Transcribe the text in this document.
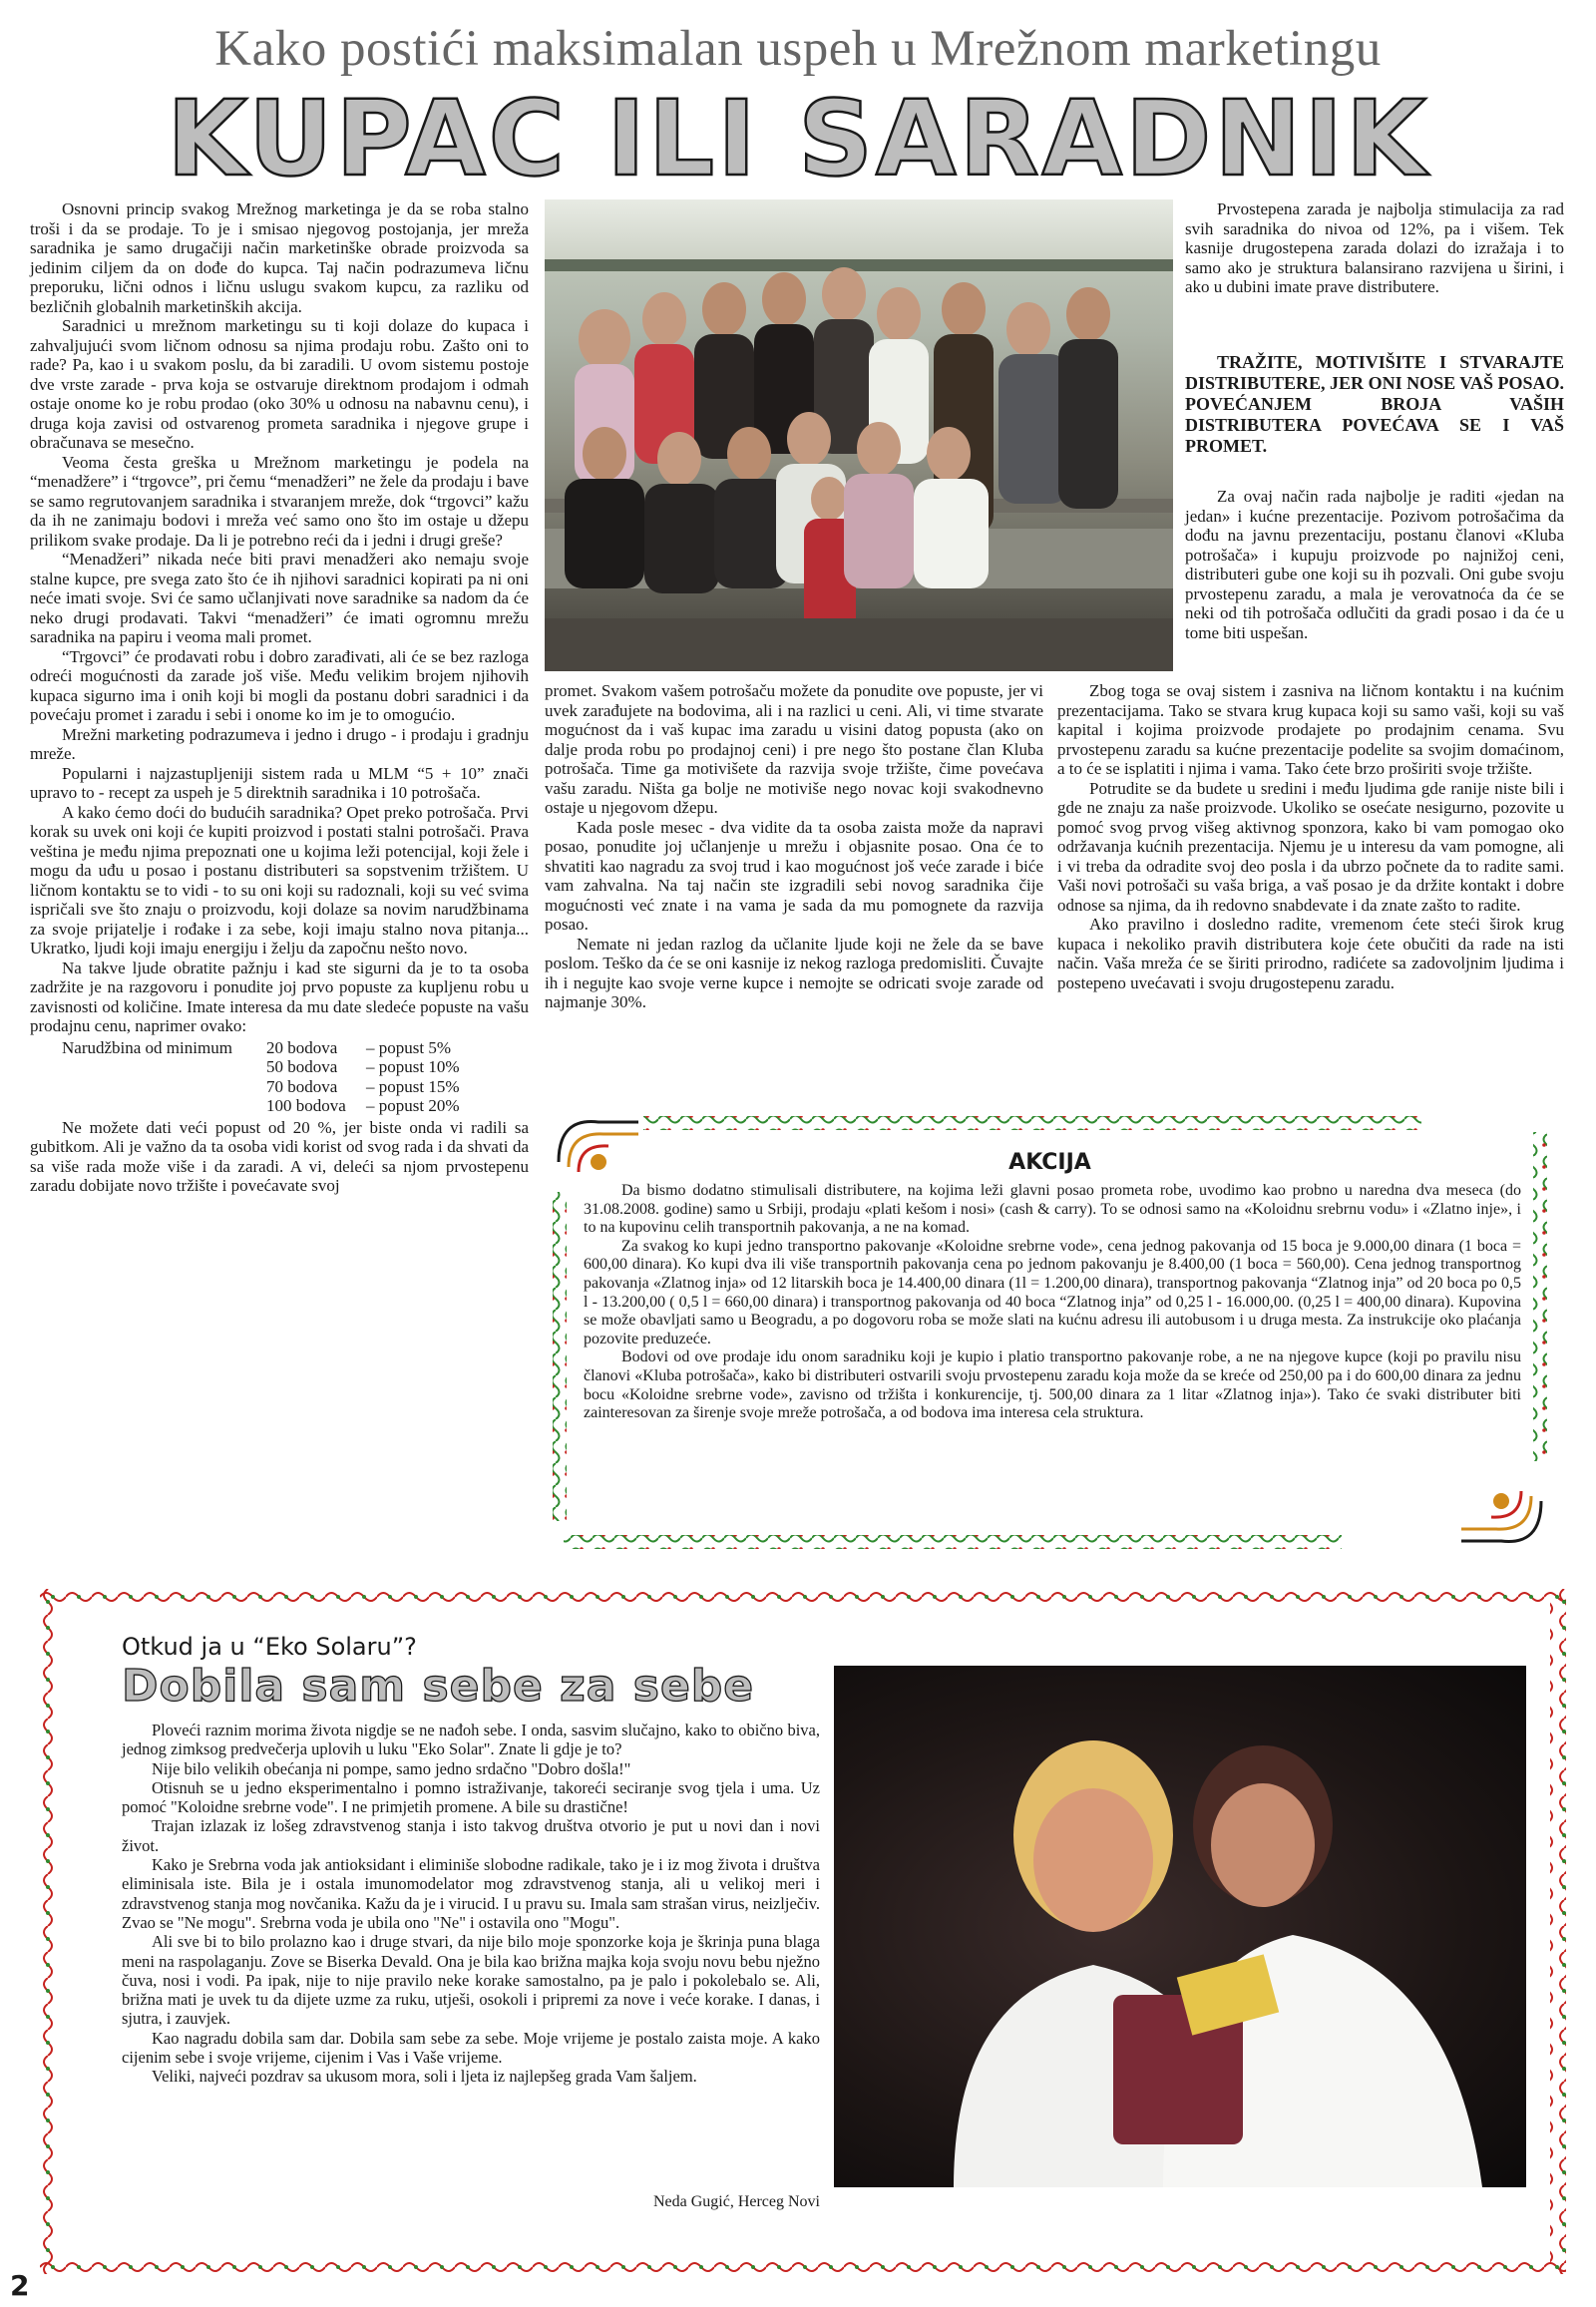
Kako postići maksimalan uspeh u Mrežnom marketingu
KUPAC ILI SARADNIK

Osnovni princip svakog Mrežnog marketinga je da se roba stalno troši i da se prodaje. To je i smisao njegovog postojanja, jer mreža saradnika je samo drugačiji način marketinške obrade proizvoda sa jedinim ciljem da on dođe do kupca. Taj način podrazumeva ličnu preporuku, lični odnos i ličnu uslugu svakom kupcu, za razliku od bezličnih globalnih marketinških akcija.

Saradnici u mrežnom marketingu su ti koji dolaze do kupaca i zahvaljujući svom ličnom odnosu sa njima prodaju robu. Zašto oni to rade? Pa, kao i u svakom poslu, da bi zaradili. U ovom sistemu postoje dve vrste zarade - prva koja se ostvaruje direktnom prodajom i odmah ostaje onome ko je robu prodao (oko 30% u odnosu na nabavnu cenu), i druga koja zavisi od ostvarenog prometa saradnika i njegove grupe i obračunava se mesečno.

Veoma česta greška u Mrežnom marketingu je podela na “menadžere” i “trgovce”, pri čemu “menadžeri” ne žele da prodaju i bave se samo regrutovanjem saradnika i stvaranjem mreže, dok “trgovci” kažu da ih ne zanimaju bodovi i mreža već samo ono što im ostaje u džepu prilikom svake prodaje. Da li je potrebno reći da i jedni i drugi greše?

“Menadžeri” nikada neće biti pravi menadžeri ako nemaju svoje stalne kupce, pre svega zato što će ih njihovi saradnici kopirati pa ni oni neće imati svoje. Svi će samo učlanjivati nove saradnike sa nadom da će neko drugi prodavati. Takvi “menadžeri” će imati ogromnu mrežu saradnika na papiru i veoma mali promet.

“Trgovci” će prodavati robu i dobro zarađivati, ali će se bez razloga odreći mogućnosti da zarade još više. Među velikim brojem njihovih kupaca sigurno ima i onih koji bi mogli da postanu dobri saradnici i da povećaju promet i zaradu i sebi i onome ko im je to omogućio.

Mrežni marketing podrazumeva i jedno i drugo - i prodaju i gradnju mreže.

Popularni i najzastupljeniji sistem rada u MLM “5 + 10” znači upravo to - recept za uspeh je 5 direktnih saradnika i 10 potrošača.

A kako ćemo doći do budućih saradnika? Opet preko potrošača. Prvi korak su uvek oni koji će kupiti proizvod i postati stalni potrošači. Prava veština je među njima prepoznati one u kojima leži potencijal, koji žele i mogu da uđu u posao i postanu distributeri sa sopstvenim tržištem. U ličnom kontaktu se to vidi - to su oni koji su radoznali, koji su već svima ispričali sve što znaju o proizvodu, koji dolaze sa novim narudžbinama za svoje prijatelje i rođake i za sebe, koji imaju stalno nova pitanja... Ukratko, ljudi koji imaju energiju i želju da započnu nešto novo.

Na takve ljude obratite pažnju i kad ste sigurni da je to ta osoba zadržite je na razgovoru i ponudite joj prvo popuste za kupljenu robu u zavisnosti od količine. Imate interesa da mu date sledeće popuste na vašu prodajnu cenu, naprimer ovako:

Narudžbina od minimum	20 bodova	– popust 5%
50 bodova	– popust 10%
70 bodova	– popust 15%
100 bodova	– popust 20%

Ne možete dati veći popust od 20 %, jer biste onda vi radili sa gubitkom. Ali je važno da ta osoba vidi korist od svog rada i da shvati da sa više rada može više i da zaradi. A vi, deleći sa njom prvostepenu zaradu dobijate novo tržište i povećavate svoj

promet. Svakom vašem potrošaču možete da ponudite ove popuste, jer vi uvek zarađujete na bodovima, ali i na razlici u ceni. Ali, vi time stvarate mogućnost da i vaš kupac ima zaradu u visini datog popusta (ako on dalje proda robu po prodajnoj ceni) i pre nego što postane član Kluba potrošača. Time ga motivišete da razvija svoje tržište, čime povećava vašu zaradu. Ništa ga bolje ne motiviše nego novac koji svakodnevno ostaje u njegovom džepu.

Kada posle mesec - dva vidite da ta osoba zaista može da napravi posao, ponudite joj učlanjenje u mrežu i objasnite posao. Ona će to shvatiti kao nagradu za svoj trud i kao mogućnost još veće zarade i biće vam zahvalna. Na taj način ste izgradili sebi novog saradnika čije mogućnosti već znate i na vama je sada da mu pomognete da razvija posao.

Nemate ni jedan razlog da učlanite ljude koji ne žele da se bave poslom. Teško da će se oni kasnije iz nekog razloga predomisliti. Čuvajte ih i negujte kao svoje verne kupce i nemojte se odricati svoje zarade od najmanje 30%.

Prvostepena zarada je najbolja stimulacija za rad svih saradnika do nivoa od 12%, pa i višem. Tek kasnije drugostepena zarada dolazi do izražaja i to samo ako je struktura balansirano razvijena u širini, i ako u dubini imate prave distributere.

TRAŽITE, MOTIVIŠITE I STVARAJTE DISTRIBUTERE, JER ONI NOSE VAŠ POSAO. POVEĆANJEM BROJA VAŠIH DISTRIBUTERA POVEĆAVA SE I VAŠ PROMET.

Za ovaj način rada najbolje je raditi «jedan na jedan» i kućne prezentacije. Pozivom potrošačima da dođu na javnu prezentaciju, postanu članovi «Kluba potrošača» i kupuju proizvode po najnižoj ceni, distributeri gube one koji su ih pozvali. Oni gube svoju prvostepenu zaradu, a mala je verovatnoća da će se neki od tih potrošača odlučiti da gradi posao i da će u tome biti uspešan.

Zbog toga se ovaj sistem i zasniva na ličnom kontaktu i na kućnim prezentacijama. Tako se stvara krug kupaca koji su samo vaši, koji su vaš kapital i kojima proizvode prodajete po prodajnim cenama. Svu prvostepenu zaradu sa kućne prezentacije podelite sa svojim domaćinom, a to će se isplatiti i njima i vama. Tako ćete brzo proširiti svoje tržište.

Potrudite se da budete u sredini i među ljudima gde ranije niste bili i gde ne znaju za naše proizvode. Ukoliko se osećate nesigurno, pozovite u pomoć svog prvog višeg aktivnog sponzora, kako bi vam pomogao oko održavanja kućnih prezentacija. Njemu je u interesu da vam pomogne, ali i vi treba da odradite svoj deo posla i da ubrzo počnete da to radite sami. Vaši novi potrošači su vaša briga, a vaš posao je da držite kontakt i dobre odnose sa njima, da ih redovno snabdevate i da znate zašto to radite.

Ako pravilno i dosledno radite, vremenom ćete steći širok krug kupaca i nekoliko pravih distributera koje ćete obučiti da rade na isti način. Vaša mreža će se širiti prirodno, radićete sa zadovoljnim ljudima i postepeno uvećavati i svoju drugostepenu zaradu.

AKCIJA

Da bismo dodatno stimulisali distributere, na kojima leži glavni posao prometa robe, uvodimo kao probno u naredna dva meseca (do 31.08.2008. godine) samo u Srbiji, prodaju «plati kešom i nosi» (cash & carry). To se odnosi samo na «Koloidnu srebrnu vodu» i «Zlatno inje», i to na kupovinu celih transportnih pakovanja, a ne na komad.

Za svakog ko kupi jedno transportno pakovanje «Koloidne srebrne vode», cena jednog pakovanja od 15 boca je 9.000,00 dinara (1 boca = 600,00 dinara). Ko kupi dva ili više transportnih pakovanja cena po jednom pakovanju je 8.400,00 (1 boca = 560,00). Cena jednog transportnog pakovanja «Zlatnog inja» od 12 litarskih boca je 14.400,00 dinara (1l = 1.200,00 dinara), transportnog pakovanja “Zlatnog inja” od 20 boca po 0,5 l - 13.200,00 ( 0,5 l = 660,00 dinara) i transportnog pakovanja od 40 boca “Zlatnog inja” od 0,25 l - 16.000,00. (0,25 l = 400,00 dinara). Kupovina se može obavljati samo u Beogradu, a po dogovoru roba se može slati na kućnu adresu ili autobusom i u druga mesta. Za instrukcije oko plaćanja pozovite preduzeće.

Bodovi od ove prodaje idu onom saradniku koji je kupio i platio transportno pakovanje robe, a ne na njegove kupce (koji po pravilu nisu članovi «Kluba potrošača», kako bi distributeri ostvarili svoju prvostepenu zaradu koja može da se kreće od 250,00 pa i do 600,00 dinara za jednu bocu «Koloidne srebrne vode», zavisno od tržišta i konkurencije, tj. 500,00 dinara za 1 litar «Zlatnog inja»). Tako će svaki distributer biti zainteresovan za širenje svoje mreže potrošača, a od bodova ima interesa cela struktura.

Otkud ja u “Eko Solaru”?
Dobila sam sebe za sebe

Ploveći raznim morima života nigdje se ne nađoh sebe. I onda, sasvim slučajno, kako to obično biva, jednog zimksog predvečerja uplovih u luku "Eko Solar". Znate li gdje je to?

Nije bilo velikih obećanja ni pompe, samo jedno srdačno "Dobro došla!"

Otisnuh se u jedno eksperimentalno i pomno istraživanje, takoreći seciranje svog tjela i uma. Uz pomoć "Koloidne srebrne vode". I ne primjetih promene. A bile su drastične!

Trajan izlazak iz lošeg zdravstvenog stanja i isto takvog društva otvorio je put u novi dan i novi život.

Kako je Srebrna voda jak antioksidant i eliminiše slobodne radikale, tako je i iz mog života i društva eliminisala iste. Bila je i ostala imunomodelator mog zdravstvenog stanja, ali u velikoj meri i zdravstvenog stanja mog novčanika. Kažu da je i virucid. I u pravu su. Imala sam strašan virus, neizlječiv. Zvao se "Ne mogu". Srebrna voda je ubila ono "Ne" i ostavila ono "Mogu".

Ali sve bi to bilo prolazno kao i druge stvari, da nije bilo moje sponzorke koja je škrinja puna blaga meni na raspolaganju. Zove se Biserka Devald. Ona je bila kao brižna majka koja svoju novu bebu nježno čuva, nosi i vodi. Pa ipak, nije to nije pravilo neke korake samostalno, pa je palo i pokolebalo se. Ali, brižna mati je uvek tu da dijete uzme za ruku, utješi, osokoli i pripremi za nove i veće korake. I danas, i sjutra, i zauvjek.

Kao nagradu dobila sam dar. Dobila sam sebe za sebe. Moje vrijeme je postalo zaista moje. A kako cijenim sebe i svoje vrijeme, cijenim i Vas i Vaše vrijeme.

Veliki, najveći pozdrav sa ukusom mora, soli i ljeta iz najlepšeg grada Vam šaljem.

Neda Gugić, Herceg Novi
2
